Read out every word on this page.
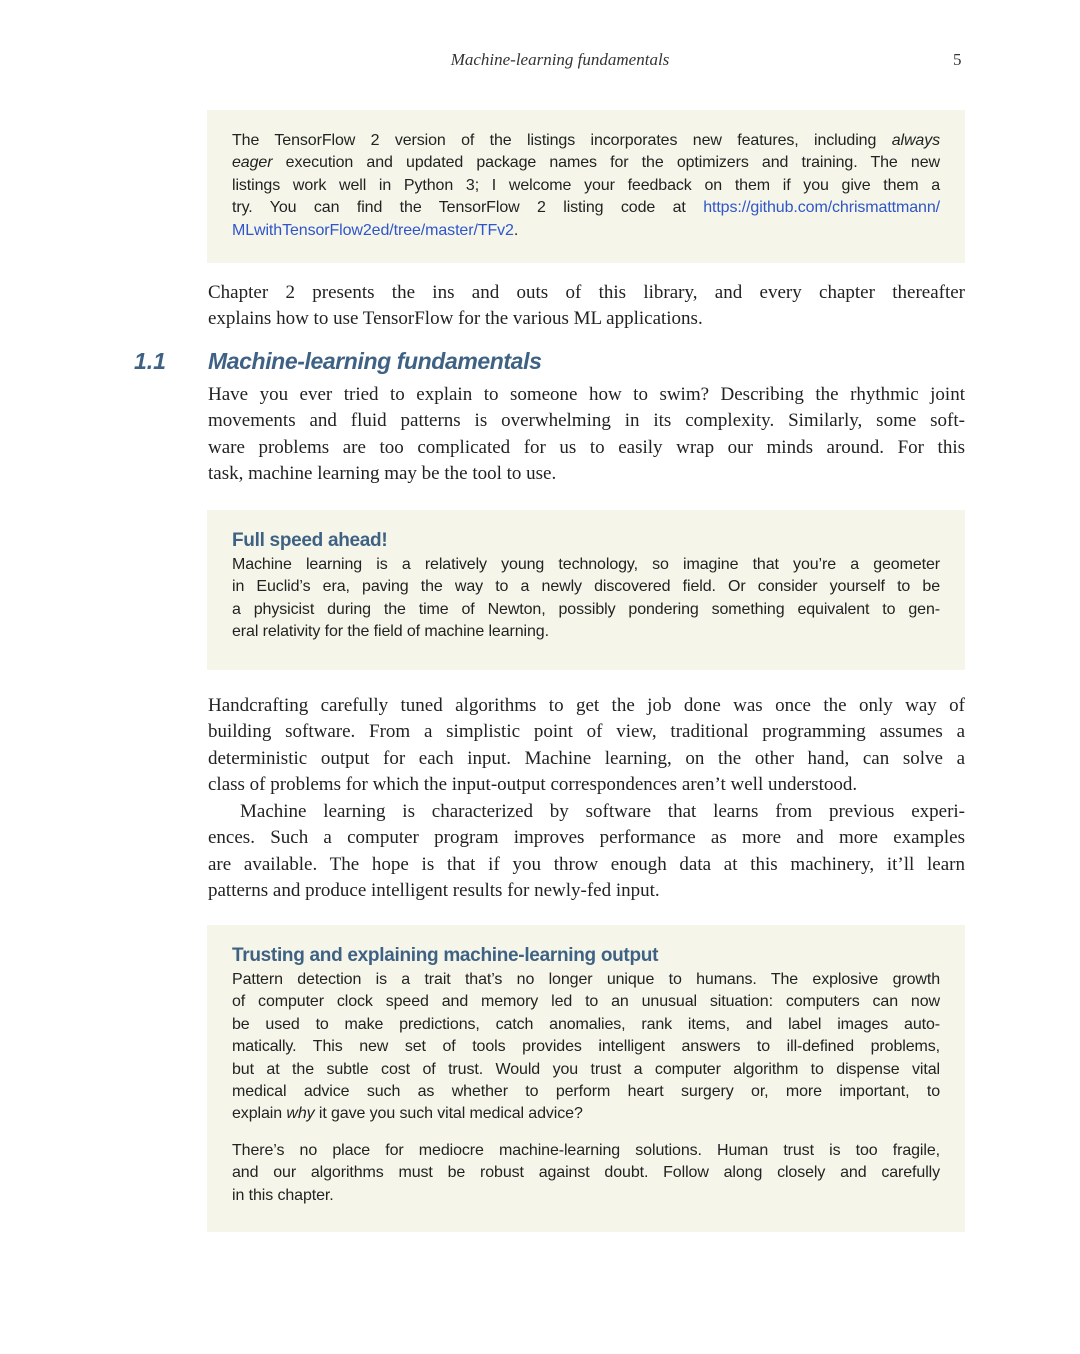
Machine-learning fundamentals	5
The TensorFlow 2 version of the listings incorporates new features, including always
eager execution and updated package names for the optimizers and training. The new
listings work well in Python 3; I welcome your feedback on them if you give them a
try. You can find the TensorFlow 2 listing code at https://github.com/chrismattmann/
MLwithTensorFlow2ed/tree/master/TFv2.
Chapter 2 presents the ins and outs of this library, and every chapter thereafter
explains how to use TensorFlow for the various ML applications.
1.1 Machine-learning fundamentals
Have you ever tried to explain to someone how to swim? Describing the rhythmic joint
movements and fluid patterns is overwhelming in its complexity. Similarly, some soft-
ware problems are too complicated for us to easily wrap our minds around. For this
task, machine learning may be the tool to use.
Full speed ahead!
Machine learning is a relatively young technology, so imagine that you’re a geometer
in Euclid’s era, paving the way to a newly discovered field. Or consider yourself to be
a physicist during the time of Newton, possibly pondering something equivalent to gen-
eral relativity for the field of machine learning.
Handcrafting carefully tuned algorithms to get the job done was once the only way of
building software. From a simplistic point of view, traditional programming assumes a
deterministic output for each input. Machine learning, on the other hand, can solve a
class of problems for which the input-output correspondences aren’t well understood.
Machine learning is characterized by software that learns from previous experi-
ences. Such a computer program improves performance as more and more examples
are available. The hope is that if you throw enough data at this machinery, it’ll learn
patterns and produce intelligent results for newly-fed input.
Trusting and explaining machine-learning output
Pattern detection is a trait that’s no longer unique to humans. The explosive growth
of computer clock speed and memory led to an unusual situation: computers can now
be used to make predictions, catch anomalies, rank items, and label images auto-
matically. This new set of tools provides intelligent answers to ill-defined problems,
but at the subtle cost of trust. Would you trust a computer algorithm to dispense vital
medical advice such as whether to perform heart surgery or, more important, to
explain why it gave you such vital medical advice?
There’s no place for mediocre machine-learning solutions. Human trust is too fragile,
and our algorithms must be robust against doubt. Follow along closely and carefully
in this chapter.
